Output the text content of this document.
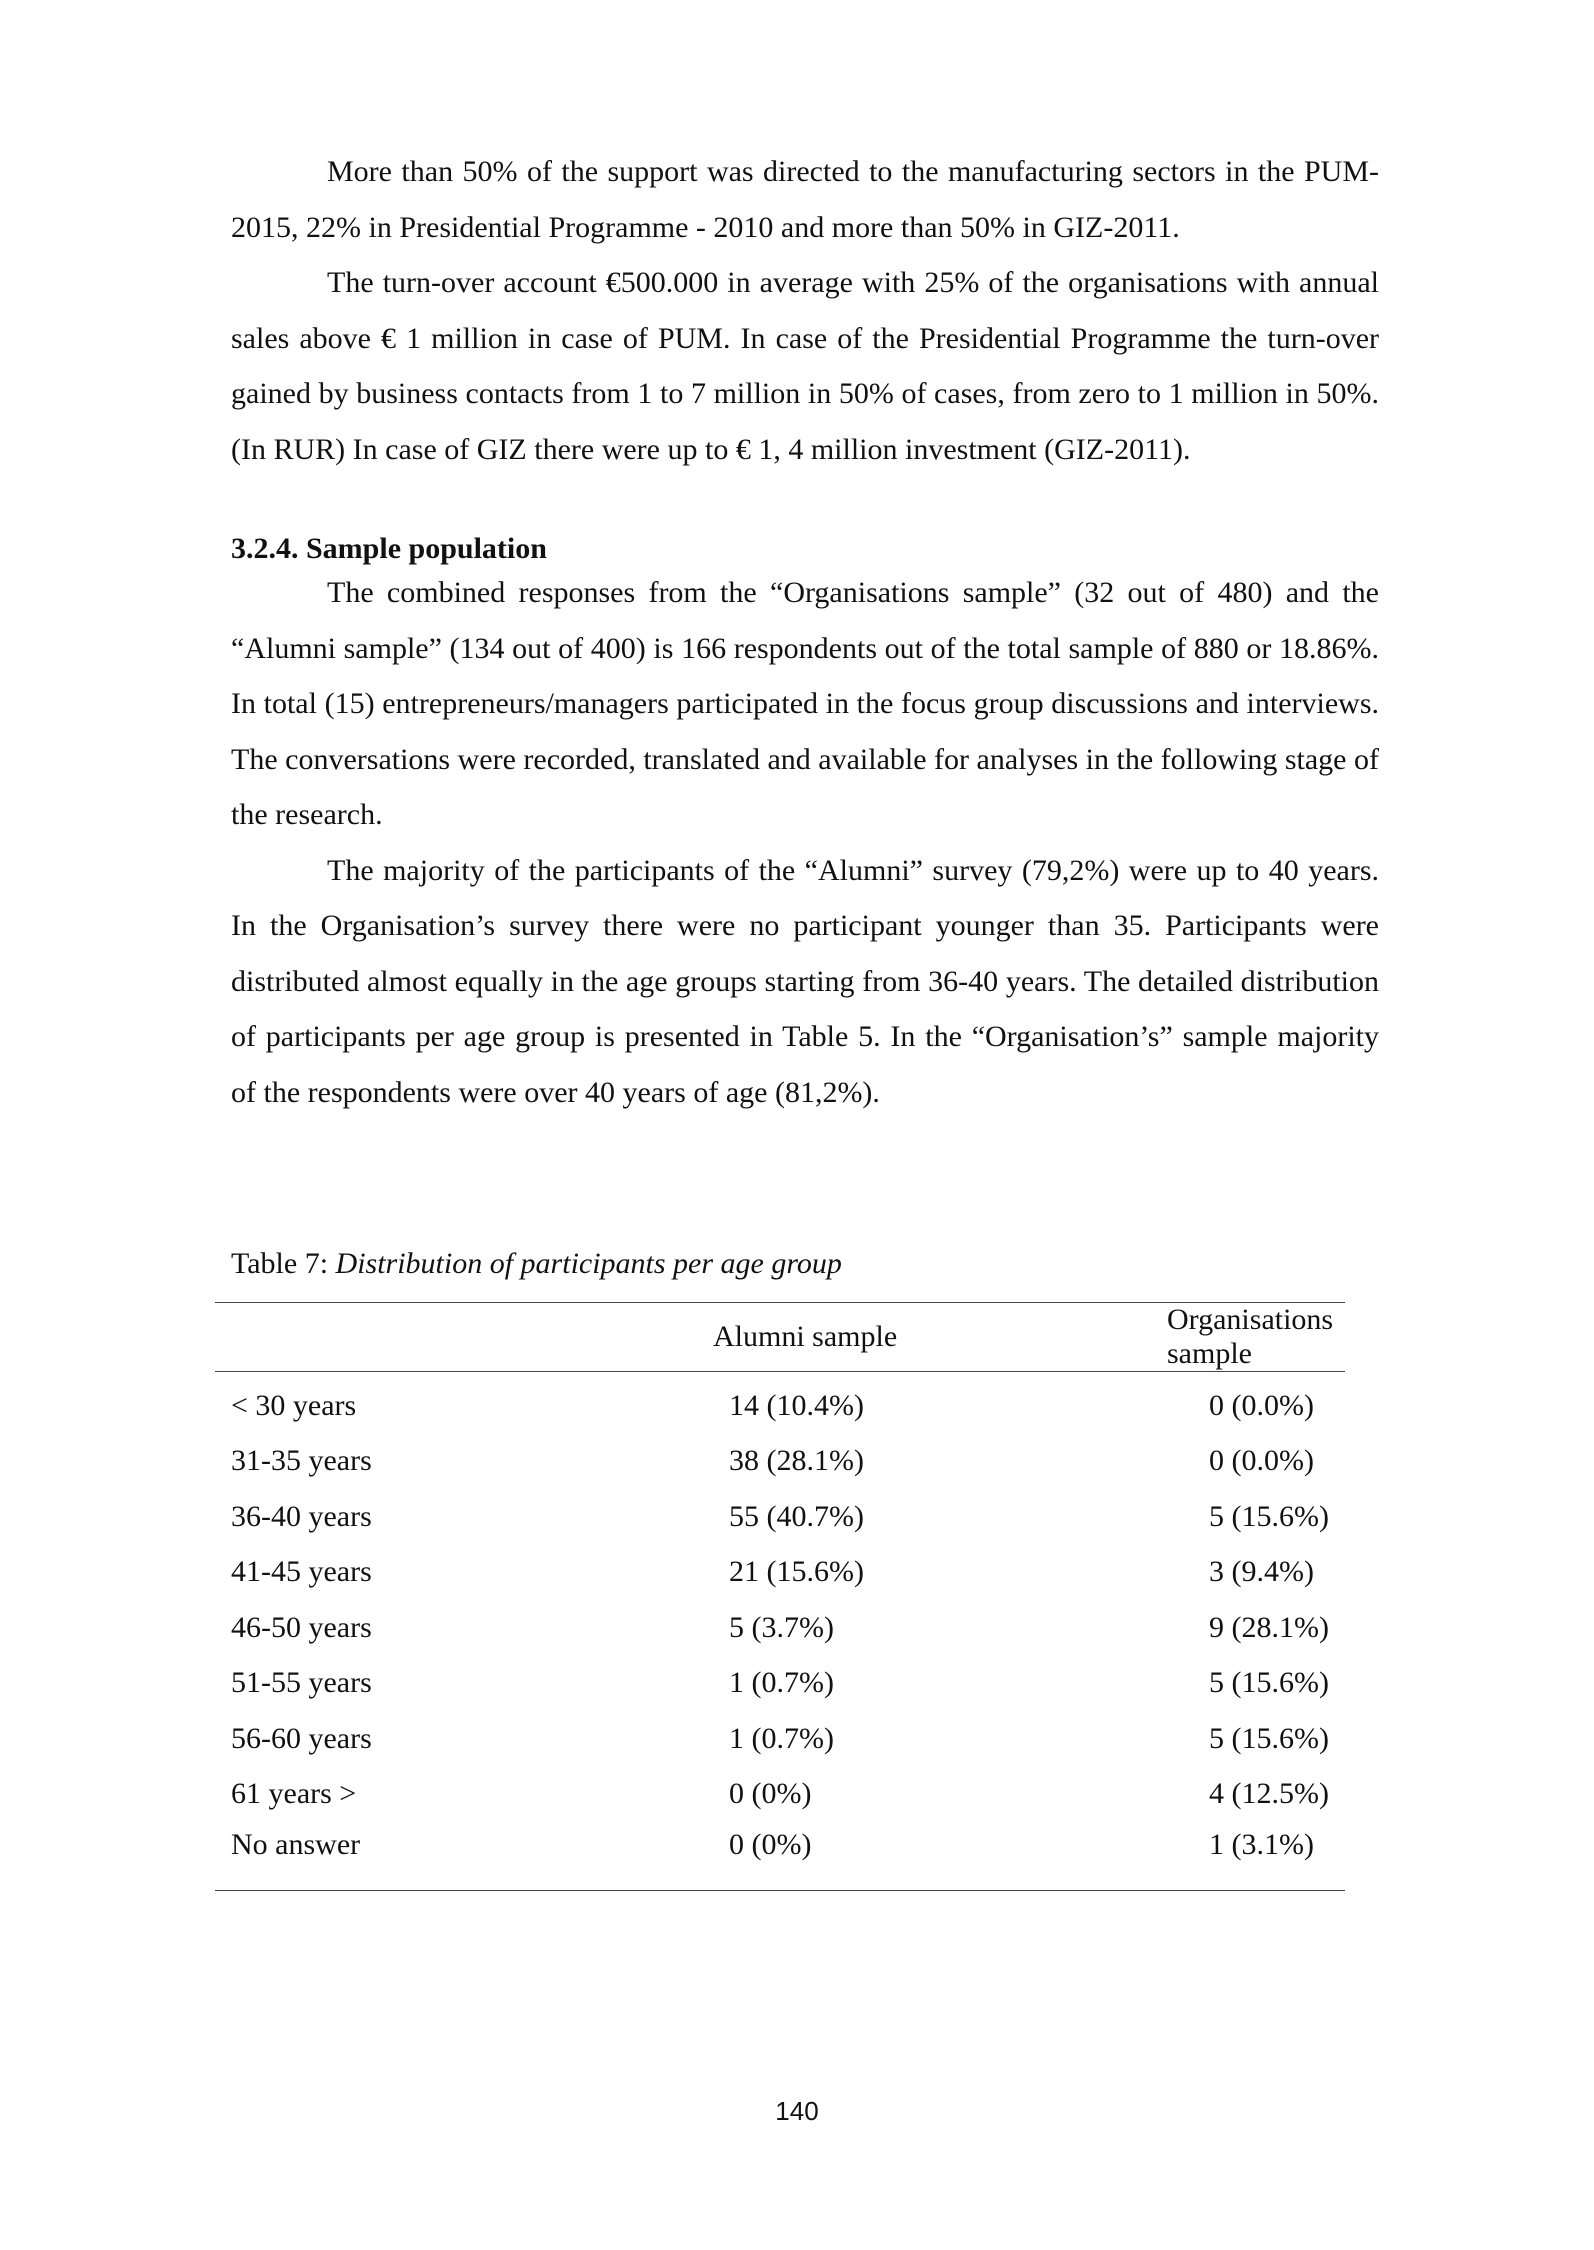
More than 50% of the support was directed to the manufacturing sectors in the PUM-2015, 22% in Presidential Programme - 2010 and more than 50% in GIZ-2011.

The turn-over account €500.000 in average with 25% of the organisations with annual sales above € 1 million in case of PUM. In case of the Presidential Programme the turn-over gained by business contacts from 1 to 7 million in 50% of cases, from zero to 1 million in 50%. (In RUR) In case of GIZ there were up to € 1, 4 million investment (GIZ-2011).

3.2.4. Sample population

The combined responses from the “Organisations sample” (32 out of 480) and the “Alumni sample” (134 out of 400) is 166 respondents out of the total sample of 880 or 18.86%. In total (15) entrepreneurs/managers participated in the focus group discussions and interviews. The conversations were recorded, translated and available for analyses in the following stage of the research.

The majority of the participants of the “Alumni” survey (79,2%) were up to 40 years. In the Organisation’s survey there were no participant younger than 35. Participants were distributed almost equally in the age groups starting from 36-40 years. The detailed distribution of participants per age group is presented in Table 5. In the “Organisation’s” sample majority of the respondents were over 40 years of age (81,2%).

Table 7: Distribution of participants per age group

	Alumni sample	Organisations sample
< 30 years	14 (10.4%)	0 (0.0%)
31-35 years	38 (28.1%)	0 (0.0%)
36-40 years	55 (40.7%)	5 (15.6%)
41-45 years	21 (15.6%)	3 (9.4%)
46-50 years	5 (3.7%)	9 (28.1%)
51-55 years	1 (0.7%)	5 (15.6%)
56-60 years	1 (0.7%)	5 (15.6%)
61 years >	0 (0%)	4 (12.5%)
No answer	0 (0%)	1 (3.1%)
140
